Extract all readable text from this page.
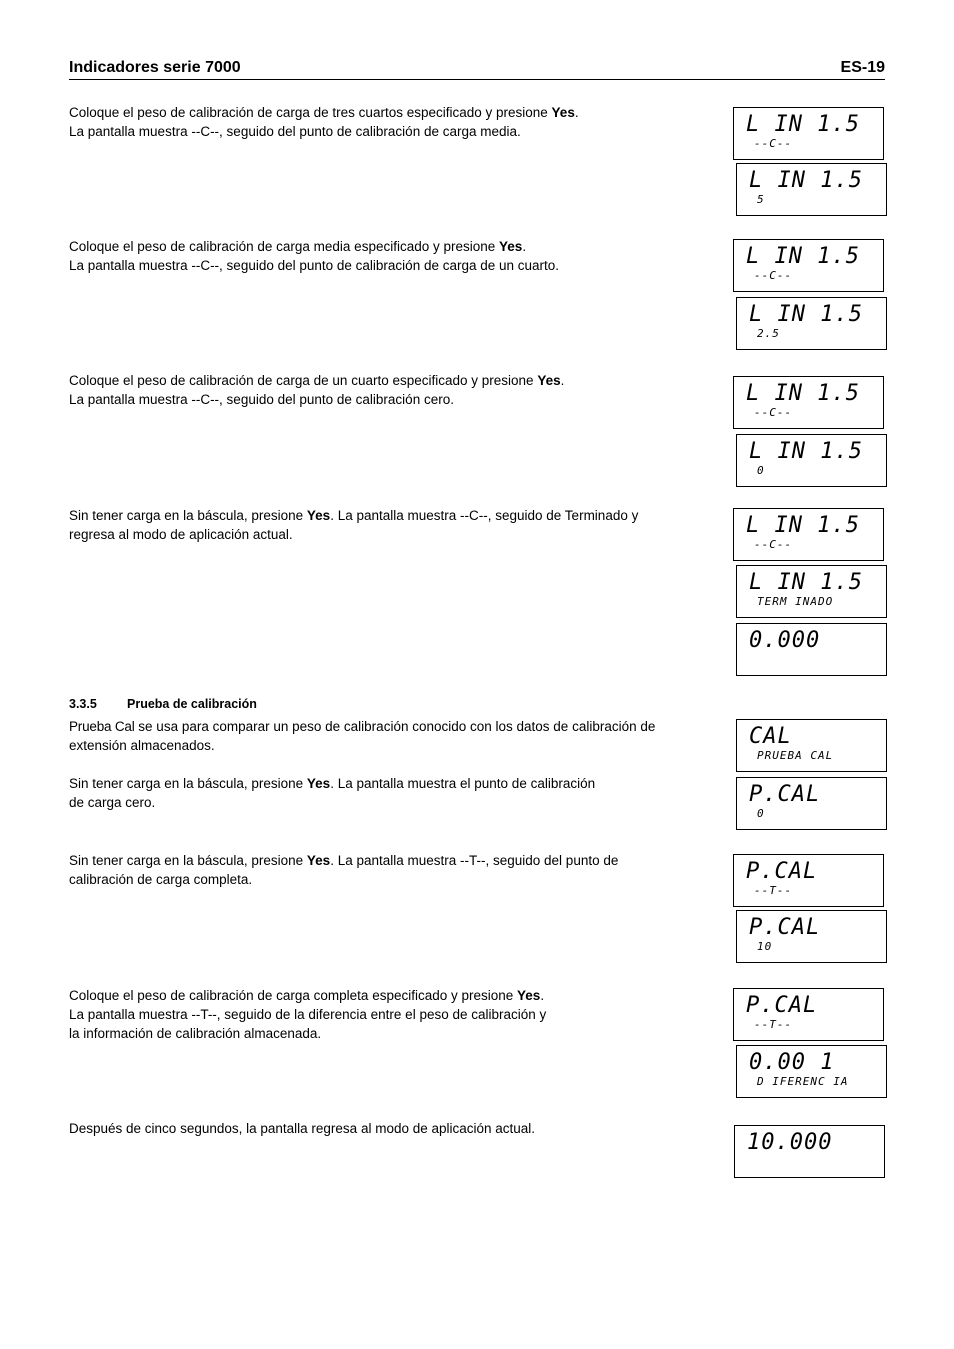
Indicadores serie 7000	ES-19

Coloque el peso de calibración de carga de tres cuartos especificado y presione Yes.

La pantalla muestra --C--, seguido del punto de calibración de carga media.

Coloque el peso de calibración de carga media especificado y presione Yes.

La pantalla muestra --C--, seguido del punto de calibración de carga de un cuarto.

Coloque el peso de calibración de carga de un cuarto especificado y presione Yes.

La pantalla muestra --C--, seguido del punto de calibración cero.

Sin tener carga en la báscula, presione Yes. La pantalla muestra --C--, seguido de Terminado y

regresa al modo de aplicación actual.

3.3.5 Prueba de calibración

Prueba Cal se usa para comparar un peso de calibración conocido con los datos de calibración de

extensión almacenados.

Sin tener carga en la báscula, presione Yes. La pantalla muestra el punto de calibración

de carga cero.

Sin tener carga en la báscula, presione Yes. La pantalla muestra --T--, seguido del punto de

calibración de carga completa.

Coloque el peso de calibración de carga completa especificado y presione Yes.

La pantalla muestra --T--, seguido de la diferencia entre el peso de calibración y

la información de calibración almacenada.

Después de cinco segundos, la pantalla regresa al modo de aplicación actual.

L IN 1.5
--C--
L IN 1.5
5
L IN 1.5
--C--
L IN 1.5
2.5
L IN 1.5
--C--
L IN 1.5
0
L IN 1.5
--C--
L IN 1.5
TERM INADO
0.000
CAL
PRUEBA CAL
P.CAL
0
P.CAL
--T--
P.CAL
10
P.CAL
--T--
0.00 1
D IFERENC IA
10.000
